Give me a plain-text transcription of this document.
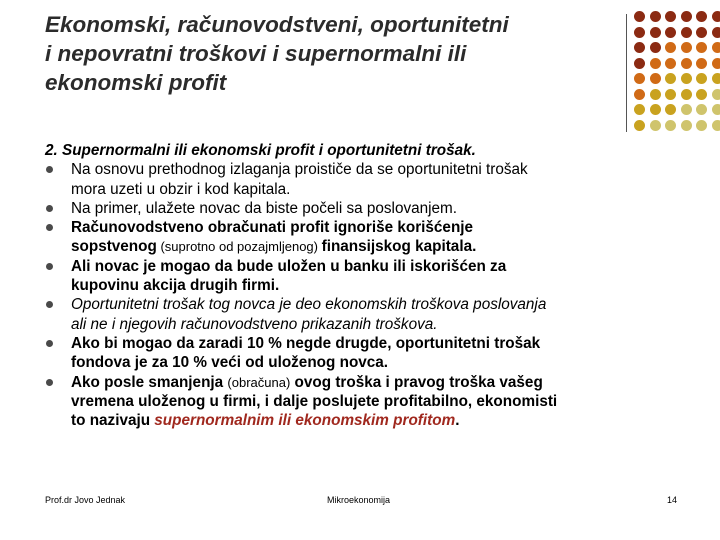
Ekonomski, računovodstveni, oportunitetni
i nepovratni troškovi i supernormalni ili
ekonomski profit

2. Supernormalni ili ekonomski profit i oportunitetni trošak.

Na osnovu prethodnog izlaganja proističe da se oportunitetni trošak
mora uzeti u obzir i kod kapitala.
Na primer, ulažete novac da biste počeli sa poslovanjem.
Računovodstveno obračunati profit ignoriše korišćenje
sopstvenog (suprotno od pozajmljenog) finansijskog kapitala.
Ali novac je mogao da bude uložen u banku ili iskorišćen za
kupovinu akcija drugih firmi.
Oportunitetni trošak tog novca je deo ekonomskih troškova poslovanja
ali ne i njegovih računovodstveno prikazanih troškova.
Ako bi mogao da zaradi 10 % negde drugde, oportunitetni trošak
fondova je za 10 % veći od uloženog novca.
Ako posle smanjenja (obračuna) ovog troška i pravog troška vašeg
vremena uloženog u firmi, i dalje poslujete profitabilno, ekonomisti
to nazivaju supernormalnim ili ekonomskim profitom.
Prof.dr Jovo Jednak	Mikroekonomija	14
